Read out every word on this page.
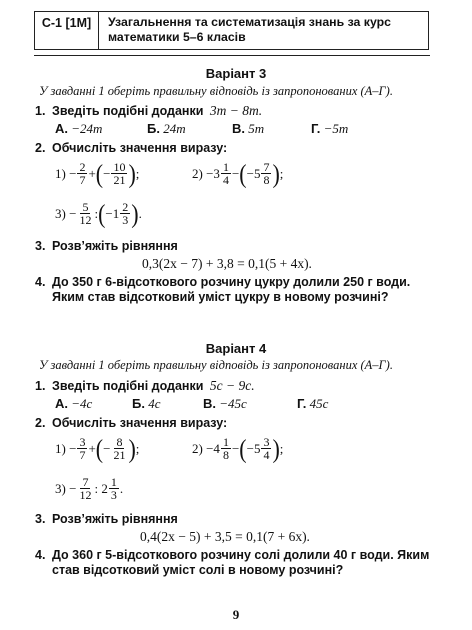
С-1 [1М]	Узагальнення та систематизація знань за курс математики 5–6 класів
Варіант 3
У завданні 1 оберіть правильну відповідь із запропонованих (А–Г).
1. Зведіть подібні доданки 3m − 8m.
А. −24m	Б. 24m	В. 5m	Г. −5m
2. Обчисліть значення виразу:
$1) - \frac{2}{7}$ + ( − $\frac{10}{21}$ ) ;	2)
$-3 \frac{1}{4}$ − ( $-5 \frac{7}{8}$ ) ;
$3) - \frac{5}{12}$ : ( $-1 \frac{2}{3}$ ) .
3. Розв’яжіть рівняння
0,3(2x − 7) + 3,8 = 0,1(5 + 4x).
4. До 350 г 6-відсоткового розчину цукру долили 250 г води.
Яким став відсотковий уміст цукру в новому розчині?
Варіант 4
У завданні 1 оберіть правильну відповідь із запропонованих (А–Г).
1. Зведіть подібні доданки 5c − 9c.
А. −4c	Б. 4c	В. −45c	Г. 45c
2. Обчисліть значення виразу:
$1) - \frac{3}{7}$ + ( − $\frac{8}{21}$ ) ;	2)
$-4 \frac{1}{8}$ − ( $-5 \frac{3}{4}$ ) ;
$3) - \frac{7}{12}$ : $2 \frac{1}{3}$ .
3. Розв’яжіть рівняння
0,4(2x − 5) + 3,5 = 0,1(7 + 6x).
4. До 360 г 5-відсоткового розчину солі долили 40 г води. Яким
став відсотковий уміст солі в новому розчині?
9
